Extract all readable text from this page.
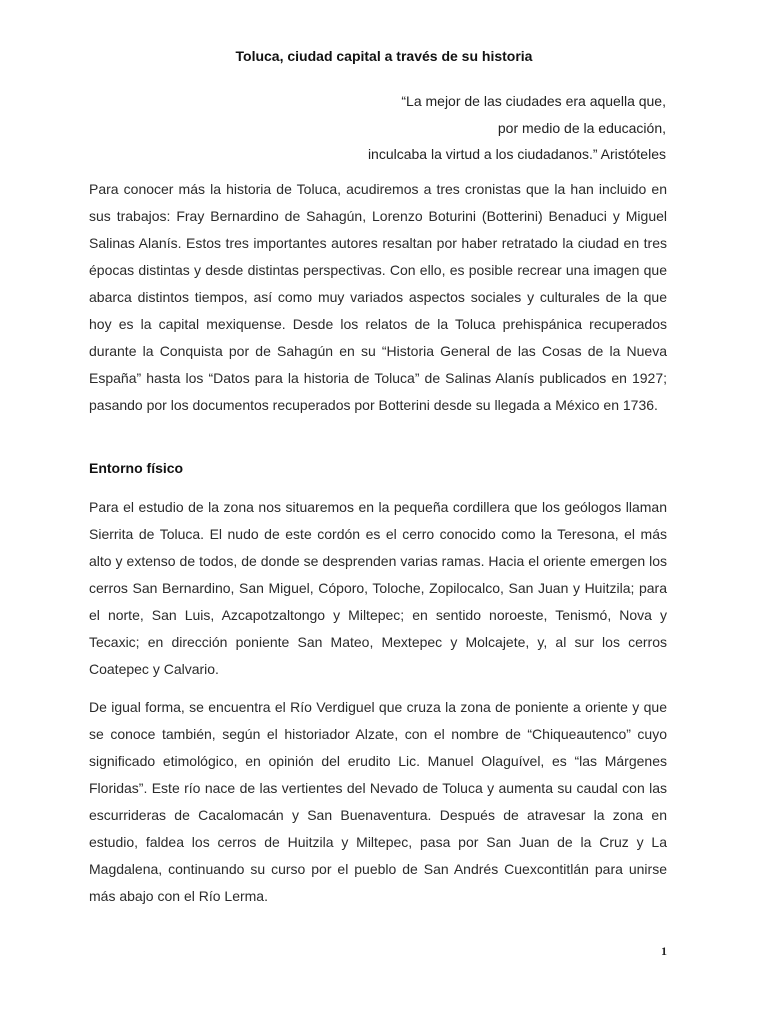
Toluca, ciudad capital a través de su historia
“La mejor de las ciudades era aquella que,
por medio de la educación,
inculcaba la virtud a los ciudadanos.” Aristóteles

Para conocer más la historia de Toluca, acudiremos a tres cronistas que la han incluido en sus trabajos: Fray Bernardino de Sahagún, Lorenzo Boturini (Botterini) Benaduci y Miguel Salinas Alanís. Estos tres importantes autores resaltan por haber retratado la ciudad en tres épocas distintas y desde distintas perspectivas. Con ello, es posible recrear una imagen que abarca distintos tiempos, así como muy variados aspectos sociales y culturales de la que hoy es la capital mexiquense. Desde los relatos de la Toluca prehispánica recuperados durante la Conquista por de Sahagún en su “Historia General de las Cosas de la Nueva España” hasta los “Datos para la historia de Toluca” de Salinas Alanís publicados en 1927; pasando por los documentos recuperados por Botterini desde su llegada a México en 1736.

Entorno físico

Para el estudio de la zona nos situaremos en la pequeña cordillera que los geólogos llaman Sierrita de Toluca. El nudo de este cordón es el cerro conocido como la Teresona, el más alto y extenso de todos, de donde se desprenden varias ramas. Hacia el oriente emergen los cerros San Bernardino, San Miguel, Cóporo, Toloche, Zopilocalco, San Juan y Huitzila; para el norte, San Luis, Azcapotzaltongo y Miltepec; en sentido noroeste, Tenismó, Nova y Tecaxic; en dirección poniente San Mateo, Mextepec y Molcajete, y, al sur los cerros Coatepec y Calvario.

De igual forma, se encuentra el Río Verdiguel que cruza la zona de poniente a oriente y que se conoce también, según el historiador Alzate, con el nombre de “Chiqueautenco” cuyo significado etimológico, en opinión del erudito Lic. Manuel Olaguível, es “las Márgenes Floridas”. Este río nace de las vertientes del Nevado de Toluca y aumenta su caudal con las escurrideras de Cacalomacán y San Buenaventura. Después de atravesar la zona en estudio, faldea los cerros de Huitzila y Miltepec, pasa por San Juan de la Cruz y La Magdalena, continuando su curso por el pueblo de San Andrés Cuexcontitlán para unirse más abajo con el Río Lerma.

1
